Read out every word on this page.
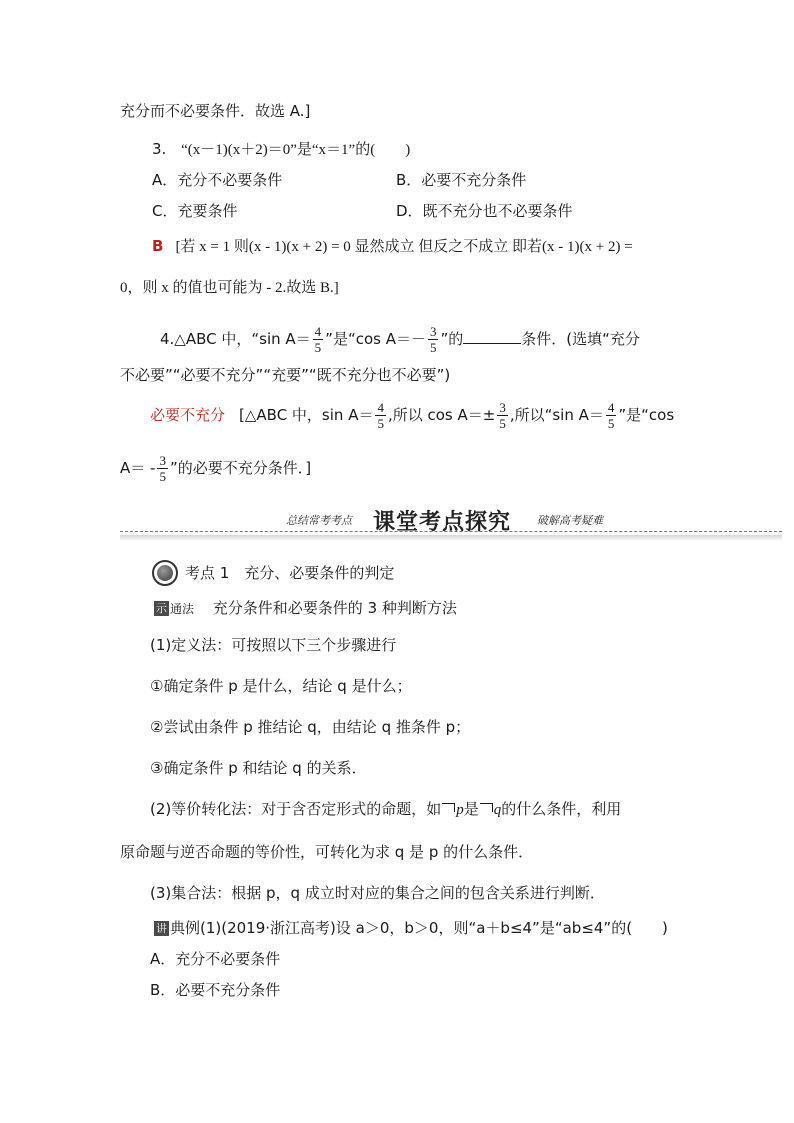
充分而不必要条件．故选 A.]
3. “(x－1)(x＋2)＝0”是“x＝1”的(　　)
A．充分不必要条件	B．必要不充分条件
C．充要条件	D．既不充分也不必要条件
B [若 x = 1 则(x - 1)(x + 2) = 0 显然成立 但反之不成立 即若(x - 1)(x + 2) =
0，则 x 的值也可能为 - 2.故选 B.]
4.△ABC 中，“sin $A= \frac{4}{5}$ ”是“cos $A=- \frac{3}{5}$ ”的	条件．(选填“充分
不必要”“必要不充分”“充要”“既不充分也不必要”)
必要不充分 [△ABC 中，$\sin A= \frac{4}{5}$ ,所以 $\cos A=\pm \frac{3}{5}$ ,所以“sin $A= \frac{4}{5}$ ”是“cos
$A= - \frac{3}{5}$ ”的必要不充分条件．]
总结常考考点 课堂考点探究 破解高考疑难
考点 1　充分、必要条件的判定
示 通法 充分条件和必要条件的 3 种判断方法
(1)定义法：可按照以下三个步骤进行
①确定条件 p 是什么，结论 q 是什么；
②尝试由条件 p 推结论 q，由结论 q 推条件 p；
③确定条件 p 和结论 q 的关系．
(2)等价转化法：对于含否定形式的命题，如 p是 q的什么条件，利用
原命题与逆否命题的等价性，可转化为求 q 是 p 的什么条件．
(3)集合法：根据 p，q 成立时对应的集合之间的包含关系进行判断．
讲 典例(1)(2019·浙江高考)设 a＞0，b＞0，则“a＋b≤4”是“ab≤4”的(　　)
A．充分不必要条件
B．必要不充分条件
